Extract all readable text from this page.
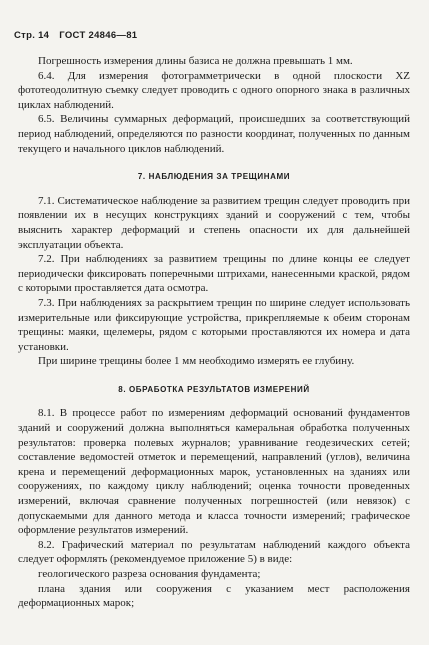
Стр. 14 ГОСТ 24846—81

Погрешность измерения длины базиса не должна превышать 1 мм.

6.4. Для измерения фотограмметрически в одной плоскости XZ фототеодолитную съемку следует проводить с одного опорного знака в различных циклах наблюдений.

6.5. Величины суммарных деформаций, происшедших за соответствующий период наблюдений, определяются по разности координат, полученных по данным текущего и начального циклов наблюдений.

7. НАБЛЮДЕНИЯ ЗА ТРЕЩИНАМИ

7.1. Систематическое наблюдение за развитием трещин следует проводить при появлении их в несущих конструкциях зданий и сооружений с тем, чтобы выяснить характер деформаций и степень опасности их для дальнейшей эксплуатации объекта.

7.2. При наблюдениях за развитием трещины по длине концы ее следует периодически фиксировать поперечными штрихами, нанесенными краской, рядом с которыми проставляется дата осмотра.

7.3. При наблюдениях за раскрытием трещин по ширине следует использовать измерительные или фиксирующие устройства, прикрепляемые к обеим сторонам трещины: маяки, щелемеры, рядом с которыми проставляются их номера и дата установки.

При ширине трещины более 1 мм необходимо измерять ее глубину.

8. ОБРАБОТКА РЕЗУЛЬТАТОВ ИЗМЕРЕНИЙ

8.1. В процессе работ по измерениям деформаций оснований фундаментов зданий и сооружений должна выполняться камеральная обработка полученных результатов: проверка полевых журналов; уравнивание геодезических сетей; составление ведомостей отметок и перемещений, направлений (углов), величина крена и перемещений деформационных марок, установленных на зданиях или сооружениях, по каждому циклу наблюдений; оценка точности проведенных измерений, включая сравнение полученных погрешностей (или невязок) с допускаемыми для данного метода и класса точности измерений; графическое оформление результатов измерений.

8.2. Графический материал по результатам наблюдений каждого объекта следует оформлять (рекомендуемое приложение 5) в виде:

геологического разреза основания фундамента;

плана здания или сооружения с указанием мест расположения деформационных марок;
